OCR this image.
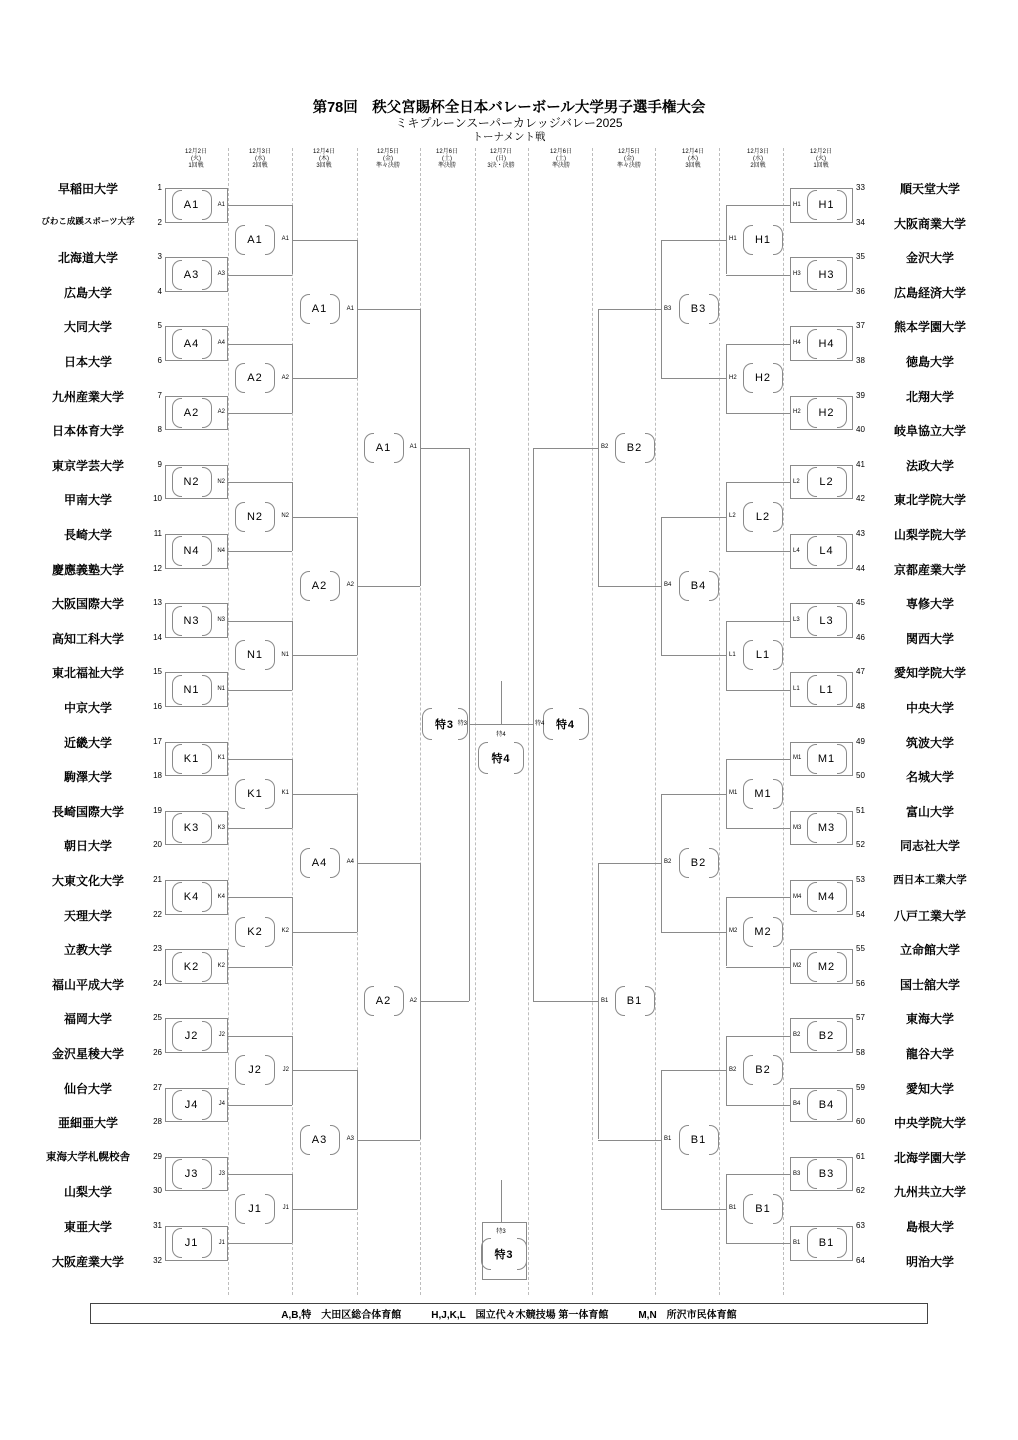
第78回　秩父宮賜杯全日本バレーボール大学男子選手権大会
ミキプルーンスーパーカレッジバレー2025
トーナメント戦
12月2日
(火)
1回戦
12月3日
(水)
2回戦
12月4日
(木)
3回戦
12月5日
(金)
準々決勝
12月6日
(土)
準決勝
12月7日
(日)
3決・決勝
12月6日
(土)
準決勝
12月5日
(金)
準々決勝
12月4日
(木)
3回戦
12月3日
(水)
2回戦
12月2日
(火)
1回戦
早稲田大学	1
びわこ成蹊スポーツ大学	2
北海道大学	3
広島大学	4
大同大学	5
日本大学	6
九州産業大学	7
日本体育大学	8
東京学芸大学	9
甲南大学	10
長崎大学	11
慶應義塾大学	12
大阪国際大学	13
高知工科大学	14
東北福祉大学	15
中京大学	16
近畿大学	17
駒澤大学	18
長崎国際大学	19
朝日大学	20
大東文化大学	21
天理大学	22
立教大学	23
福山平成大学	24
福岡大学	25
金沢星稜大学	26
仙台大学	27
亜細亜大学	28
東海大学札幌校舎	29
山梨大学	30
東亜大学	31
大阪産業大学	32
順天堂大学
33
大阪商業大学
34
金沢大学
35
広島経済大学
36
熊本学園大学
37
徳島大学
38
北翔大学
39
岐阜協立大学
40
法政大学
41
東北学院大学
42
山梨学院大学
43
京都産業大学
44
専修大学
45
関西大学
46
愛知学院大学
47
中央大学
48
筑波大学
49
名城大学
50
富山大学
51
同志社大学
52
西日本工業大学
53
八戸工業大学
54
立命館大学
55
国士舘大学
56
東海大学
57
龍谷大学
58
愛知大学
59
中央学院大学
60
北海学園大学
61
九州共立大学
62
島根大学
63
明治大学
64
A1	A1
A3	A3
A4	A4
A2	A2
N2	N2
N4	N4
N3	N3
N1	N1
K1	K1
K3	K3
K4	K4
K2	K2
J2	J2
J4	J4
J3	J3
J1	J1
A1	A1
A2	A2
N2	N2
N1	N1
K1	K1
K2	K2
J2	J2
J1	J1
A1	A1
A2	A2
A4	A4
A3	A3
A1	A1
A2	A2
特3 特3
H1
H1
H3
H3
H4
H4
H2
H2
L2
L2
L4
L4
L3
L3
L1
L1
M1
M1
M3
M3
M4
M4
M2
M2
B2
B2
B4
B4
B3
B3
B1
B1
H1
H1
H2
H2
L2
L2
L1
L1
M1
M1
M2
M2
B2
B2
B1
B1
B3
B3
B4
B4
B2
B2
B1
B1
B2
B2
B1
B1
特4
特4
特4
特4
特3
特3
A,B,特　大田区総合体育館　　　H,J,K,L　国立代々木競技場 第一体育館　　　M,N　所沢市民体育館
